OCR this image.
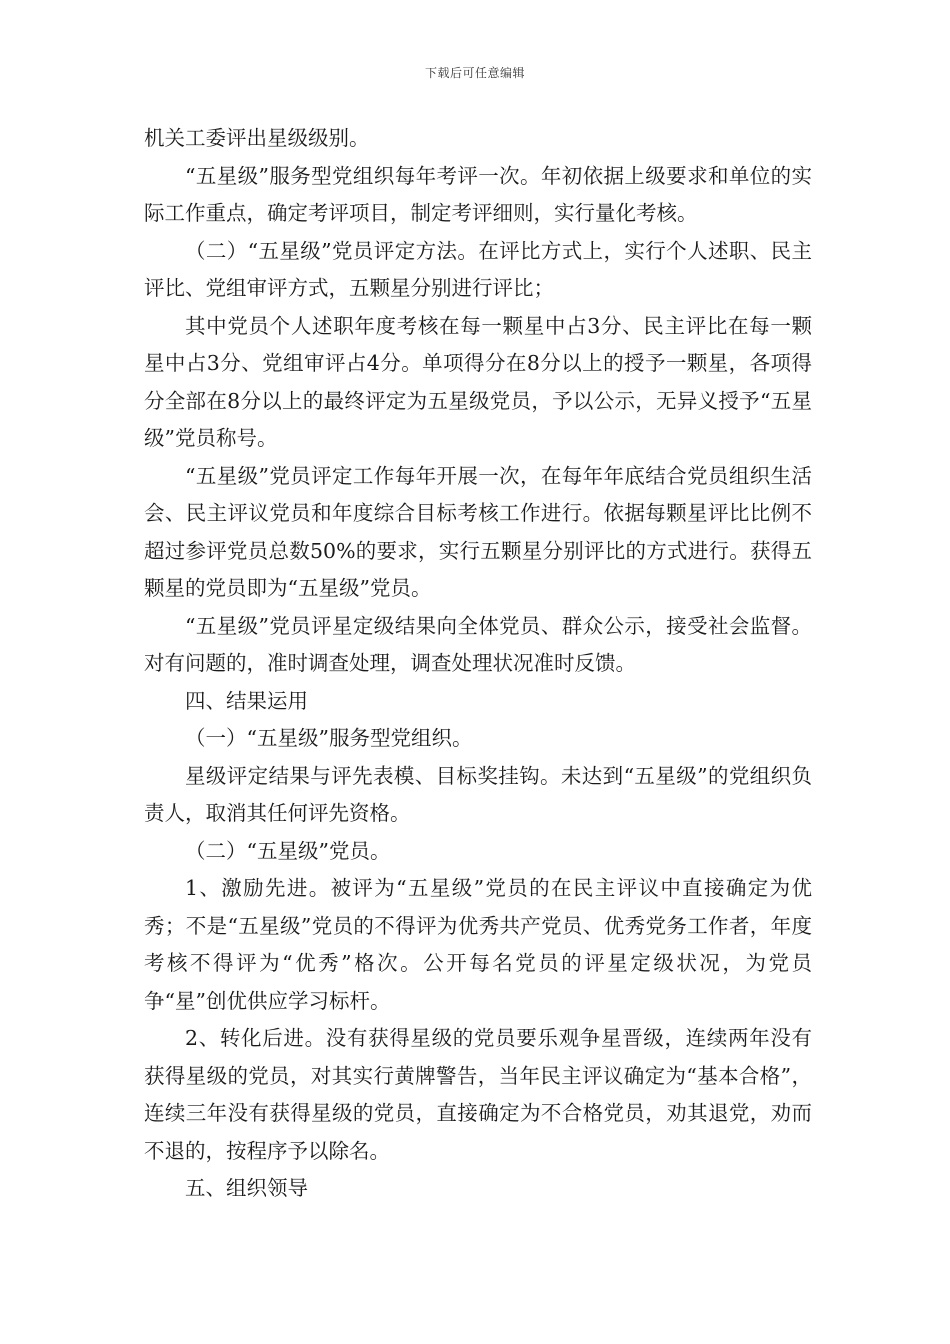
下载后可任意编辑

机关工委评出星级级别。

“五星级”服务型党组织每年考评一次。年初依据上级要求和单位的实际工作重点，确定考评项目，制定考评细则，实行量化考核。

（二）“五星级”党员评定方法。在评比方式上，实行个人述职、民主评比、党组审评方式，五颗星分别进行评比；

其中党员个人述职年度考核在每一颗星中占3分、民主评比在每一颗星中占3分、党组审评占4分。单项得分在8分以上的授予一颗星，各项得分全部在8分以上的最终评定为五星级党员，予以公示，无异义授予“五星级”党员称号。

“五星级”党员评定工作每年开展一次，在每年年底结合党员组织生活会、民主评议党员和年度综合目标考核工作进行。依据每颗星评比比例不超过参评党员总数50%的要求，实行五颗星分别评比的方式进行。获得五颗星的党员即为“五星级”党员。

“五星级”党员评星定级结果向全体党员、群众公示，接受社会监督。对有问题的，准时调查处理，调查处理状况准时反馈。

四、结果运用

（一）“五星级”服务型党组织。

星级评定结果与评先表模、目标奖挂钩。未达到“五星级”的党组织负责人，取消其任何评先资格。

（二）“五星级”党员。

1、激励先进。被评为“五星级”党员的在民主评议中直接确定为优秀；不是“五星级”党员的不得评为优秀共产党员、优秀党务工作者，年度考核不得评为“优秀”格次。公开每名党员的评星定级状况，为党员争“星”创优供应学习标杆。

2、转化后进。没有获得星级的党员要乐观争星晋级，连续两年没有获得星级的党员，对其实行黄牌警告，当年民主评议确定为“基本合格”，连续三年没有获得星级的党员，直接确定为不合格党员，劝其退党，劝而不退的，按程序予以除名。

五、组织领导
